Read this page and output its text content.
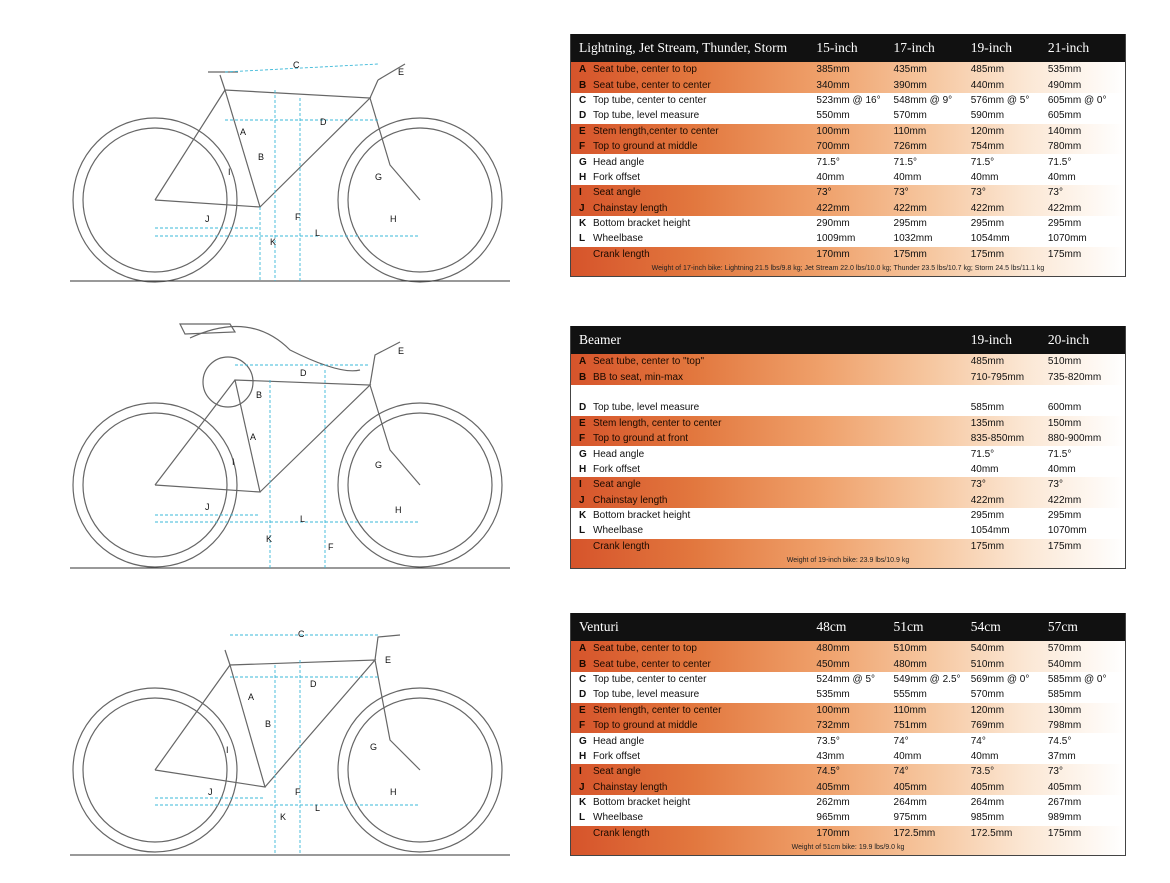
C
A
B
D
E
F
G
H
I
J
K
L
B
A
D
E
F
G
H
I
J
K
L
C
A
B
D
E
F
G
H
I
J
K
L
Lightning, Jet Stream, Thunder, Storm	15-inch	17-inch	19-inch	21-inch
A Seat tube, center to top	385mm	435mm	485mm	535mm
B Seat tube, center to center	340mm	390mm	440mm	490mm
C Top tube, center to center	523mm @ 16°	548mm @ 9°	576mm @ 5°	605mm @ 0°
D Top tube, level measure	550mm	570mm	590mm	605mm
E Stem length,center to center	100mm	110mm	120mm	140mm
F Top to ground at middle	700mm	726mm	754mm	780mm
G Head angle	71.5°	71.5°	71.5°	71.5°
H Fork offset	40mm	40mm	40mm	40mm
I	Seat angle	73°	73°	73°	73°
J Chainstay length	422mm	422mm	422mm	422mm
K Bottom bracket height	290mm	295mm	295mm	295mm
L Wheelbase	1009mm	1032mm	1054mm	1070mm
Crank length	170mm	175mm	175mm	175mm
Weight of 17-inch bike: Lightning 21.5 lbs/9.8 kg; Jet Stream 22.0 lbs/10.0 kg; Thunder 23.5 lbs/10.7 kg; Storm 24.5 lbs/11.1 kg
Beamer	19-inch	20-inch
A Seat tube, center to "top"	485mm	510mm
B BB to seat, min-max	710-795mm	735-820mm
D Top tube, level measure	585mm	600mm
E Stem length, center to center	135mm	150mm
F Top to ground at front	835-850mm	880-900mm
G Head angle	71.5°	71.5°
H Fork offset	40mm	40mm
I	Seat angle	73°	73°
J Chainstay length	422mm	422mm
K Bottom bracket height	295mm	295mm
L Wheelbase	1054mm	1070mm
Crank length	175mm	175mm
Weight of 19-inch bike: 23.9 lbs/10.9 kg
Venturi	48cm	51cm	54cm	57cm
A Seat tube, center to top	480mm	510mm	540mm	570mm
B Seat tube, center to center	450mm	480mm	510mm	540mm
C Top tube, center to center	524mm @ 5°	549mm @ 2.5°	569mm @ 0°	585mm @ 0°
D Top tube, level measure	535mm	555mm	570mm	585mm
E Stem length, center to center	100mm	110mm	120mm	130mm
F Top to ground at middle	732mm	751mm	769mm	798mm
G Head angle	73.5°	74°	74°	74.5°
H Fork offset	43mm	40mm	40mm	37mm
I	Seat angle	74.5°	74°	73.5°	73°
J Chainstay length	405mm	405mm	405mm	405mm
K Bottom bracket height	262mm	264mm	264mm	267mm
L Wheelbase	965mm	975mm	985mm	989mm
Crank length	170mm	172.5mm	172.5mm	175mm
Weight of 51cm bike: 19.9 lbs/9.0 kg
